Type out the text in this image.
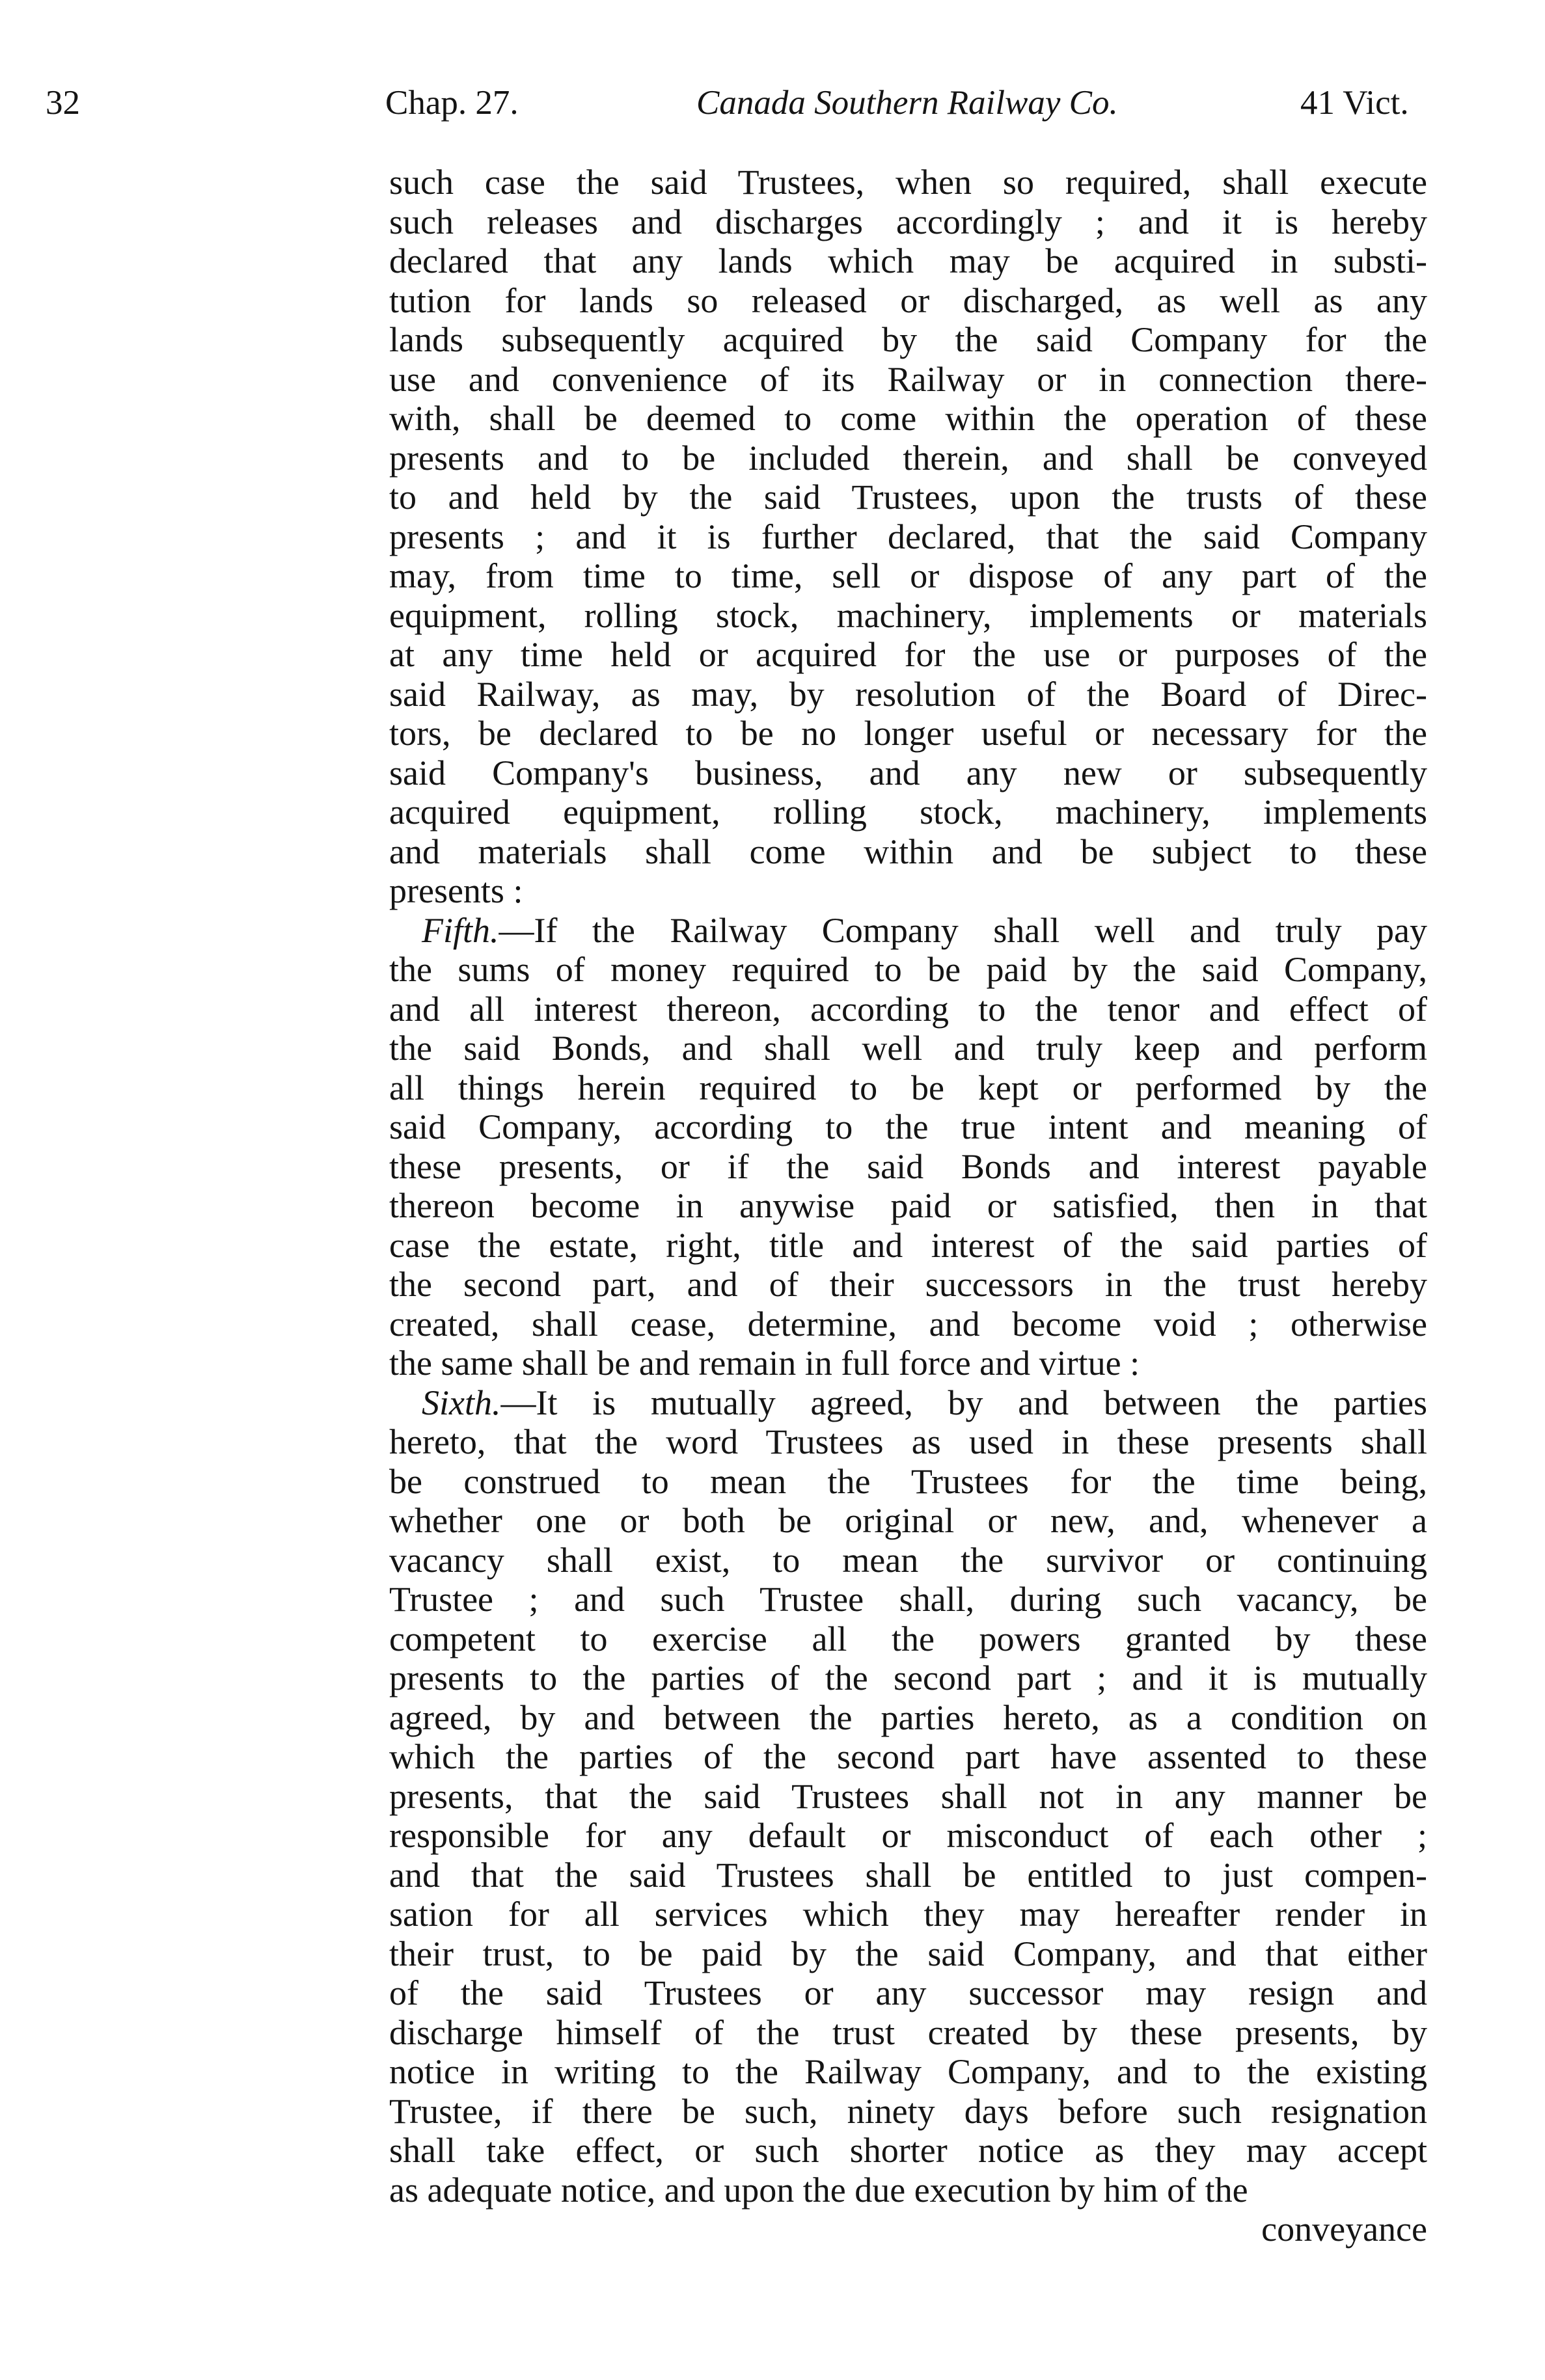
32	Chap. 27.	Canada Southern Railway Co.	41 Vict.
such case the said Trustees, when so required, shall execute
such releases and discharges accordingly ; and it is hereby
declared that any lands which may be acquired in substi-
tution for lands so released or discharged, as well as any
lands subsequently acquired by the said Company for the
use and convenience of its Railway or in connection there-
with, shall be deemed to come within the operation of these
presents and to be included therein, and shall be conveyed
to and held by the said Trustees, upon the trusts of these
presents ; and it is further declared, that the said Company
may, from time to time, sell or dispose of any part of the
equipment, rolling stock, machinery, implements or materials
at any time held or acquired for the use or purposes of the
said Railway, as may, by resolution of the Board of Direc-
tors, be declared to be no longer useful or necessary for the
said Company's business, and any new or subsequently
acquired equipment, rolling stock, machinery, implements
and materials shall come within and be subject to these
presents :
Fifth.—If the Railway Company shall well and truly pay
the sums of money required to be paid by the said Company,
and all interest thereon, according to the tenor and effect of
the said Bonds, and shall well and truly keep and perform
all things herein required to be kept or performed by the
said Company, according to the true intent and meaning of
these presents, or if the said Bonds and interest payable
thereon become in anywise paid or satisfied, then in that
case the estate, right, title and interest of the said parties of
the second part, and of their successors in the trust hereby
created, shall cease, determine, and become void ; otherwise
the same shall be and remain in full force and virtue :
Sixth.—It is mutually agreed, by and between the parties
hereto, that the word Trustees as used in these presents shall
be construed to mean the Trustees for the time being,
whether one or both be original or new, and, whenever a
vacancy shall exist, to mean the survivor or continuing
Trustee ; and such Trustee shall, during such vacancy, be
competent to exercise all the powers granted by these
presents to the parties of the second part ; and it is mutually
agreed, by and between the parties hereto, as a condition on
which the parties of the second part have assented to these
presents, that the said Trustees shall not in any manner be
responsible for any default or misconduct of each other ;
and that the said Trustees shall be entitled to just compen-
sation for all services which they may hereafter render in
their trust, to be paid by the said Company, and that either
of the said Trustees or any successor may resign and
discharge himself of the trust created by these presents, by
notice in writing to the Railway Company, and to the existing
Trustee, if there be such, ninety days before such resignation
shall take effect, or such shorter notice as they may accept
as adequate notice, and upon the due execution by him of the
conveyance
